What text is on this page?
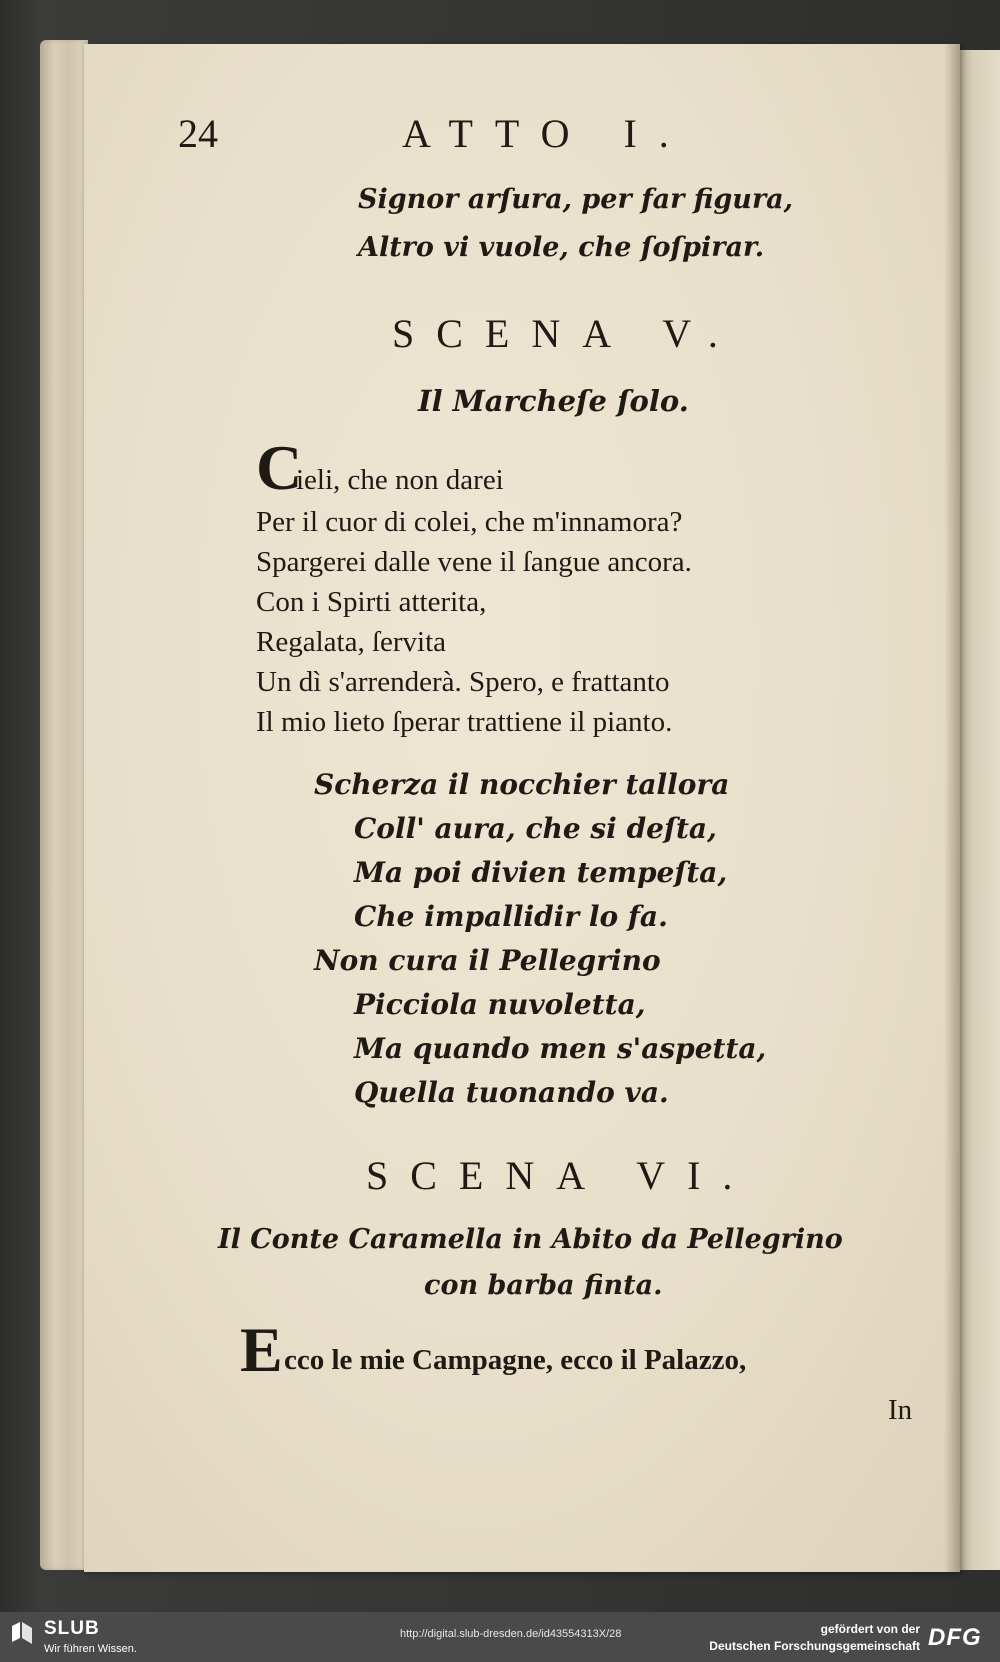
24	ATTO I.
Signor arſura, per far figura,
Altro vi vuole, che ſoſpirar.
SCENA V.
Il Marcheſe ſolo.
C
ieli, che non darei
Per il cuor di colei, che m'innamora?
Spargerei dalle vene il ſangue ancora.
Con i Spirti atterita,
Regalata, ſervita
Un dì s'arrenderà. Spero, e frattanto
Il mio lieto ſperar trattiene il pianto.
Scherza il nocchier tallora
Coll' aura, che si deſta,
Ma poi divien tempeſta,
Che impallidir lo fa.
Non cura il Pellegrino
Picciola nuvoletta,
Ma quando men s'aspetta,
Quella tuonando va.
SCENA VI.
Il Conte Caramella in Abito da Pellegrino
con barba finta.
E cco le mie Campagne, ecco il Palazzo,
In
SLUB
Wir führen Wissen.
http://digital.slub-dresden.de/id43554313X/28	gefördert von der
Deutschen Forschungsgemeinschaft DFG
